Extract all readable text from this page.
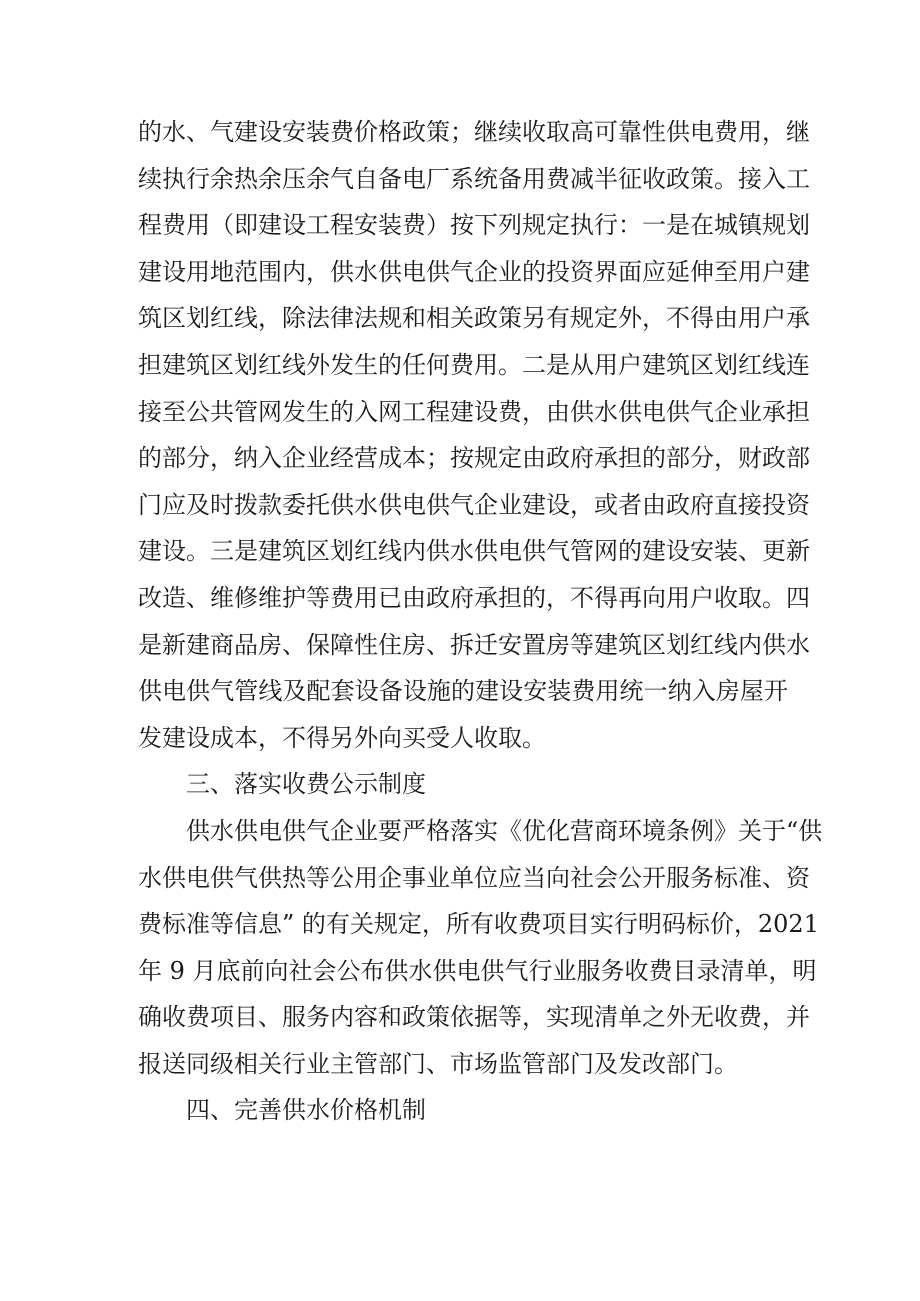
的水、气建设安装费价格政策；继续收取高可靠性供电费用，继
续执行余热余压余气自备电厂系统备用费减半征收政策。接入工
程费用（即建设工程安装费）按下列规定执行：一是在城镇规划
建设用地范围内，供水供电供气企业的投资界面应延伸至用户建
筑区划红线，除法律法规和相关政策另有规定外，不得由用户承
担建筑区划红线外发生的任何费用。二是从用户建筑区划红线连
接至公共管网发生的入网工程建设费，由供水供电供气企业承担
的部分，纳入企业经营成本；按规定由政府承担的部分，财政部
门应及时拨款委托供水供电供气企业建设，或者由政府直接投资
建设。三是建筑区划红线内供水供电供气管网的建设安装、更新
改造、维修维护等费用已由政府承担的，不得再向用户收取。四
是新建商品房、保障性住房、拆迁安置房等建筑区划红线内供水
供电供气管线及配套设备设施的建设安装费用统一纳入房屋开
发建设成本，不得另外向买受人收取。
三、落实收费公示制度
供水供电供气企业要严格落实《优化营商环境条例》关于“供
水供电供气供热等公用企事业单位应当向社会公开服务标准、资
费标准等信息” 的有关规定，所有收费项目实行明码标价，2021
年 9 月底前向社会公布供水供电供气行业服务收费目录清单，明
确收费项目、服务内容和政策依据等，实现清单之外无收费，并
报送同级相关行业主管部门、市场监管部门及发改部门。
四、完善供水价格机制
